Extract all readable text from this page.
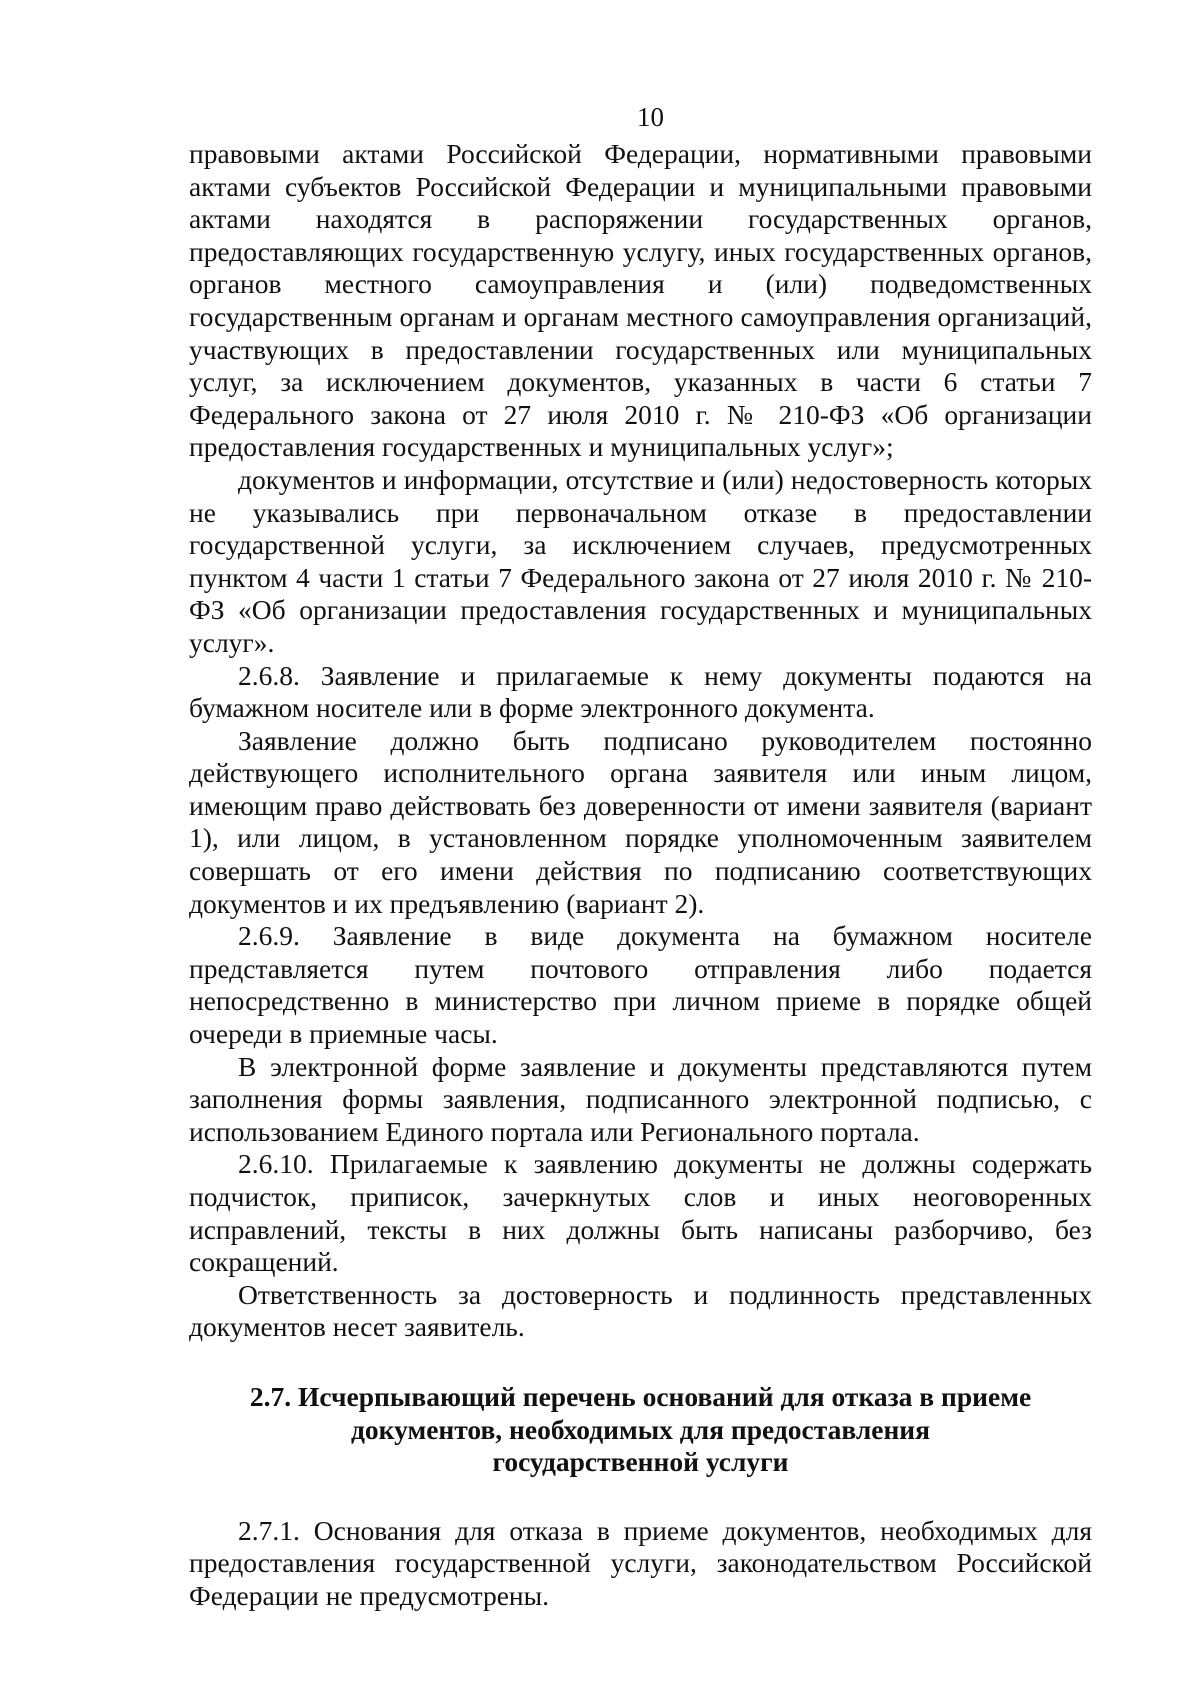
10

правовыми актами Российской Федерации, нормативными правовыми актами субъектов Российской Федерации и муниципальными правовыми актами находятся в распоряжении государственных органов, предоставляющих государственную услугу, иных государственных органов, органов местного самоуправления и (или) подведомственных государственным органам и органам местного самоуправления организаций, участвующих в предоставлении государственных или муниципальных услуг, за исключением документов, указанных в части 6 статьи 7 Федерального закона от 27 июля 2010 г. № 210-ФЗ «Об организации предоставления государственных и муниципальных услуг»;

документов и информации, отсутствие и (или) недостоверность которых не указывались при первоначальном отказе в предоставлении государственной услуги, за исключением случаев, предусмотренных пунктом 4 части 1 статьи 7 Федерального закона от 27 июля 2010 г. № 210-ФЗ «Об организации предоставления государственных и муниципальных услуг».

2.6.8. Заявление и прилагаемые к нему документы подаются на бумажном носителе или в форме электронного документа.

Заявление должно быть подписано руководителем постоянно действующего исполнительного органа заявителя или иным лицом, имеющим право действовать без доверенности от имени заявителя (вариант 1), или лицом, в установленном порядке уполномоченным заявителем совершать от его имени действия по подписанию соответствующих документов и их предъявлению (вариант 2).

2.6.9. Заявление в виде документа на бумажном носителе представляется путем почтового отправления либо подается непосредственно в министерство при личном приеме в порядке общей очереди в приемные часы.

В электронной форме заявление и документы представляются путем заполнения формы заявления, подписанного электронной подписью, с использованием Единого портала или Регионального портала.

2.6.10. Прилагаемые к заявлению документы не должны содержать подчисток, приписок, зачеркнутых слов и иных неоговоренных исправлений, тексты в них должны быть написаны разборчиво, без сокращений.

Ответственность за достоверность и подлинность представленных документов несет заявитель.

2.7. Исчерпывающий перечень оснований для отказа в приеме
документов, необходимых для предоставления
государственной услуги

2.7.1. Основания для отказа в приеме документов, необходимых для предоставления государственной услуги, законодательством Российской Федерации не предусмотрены.
